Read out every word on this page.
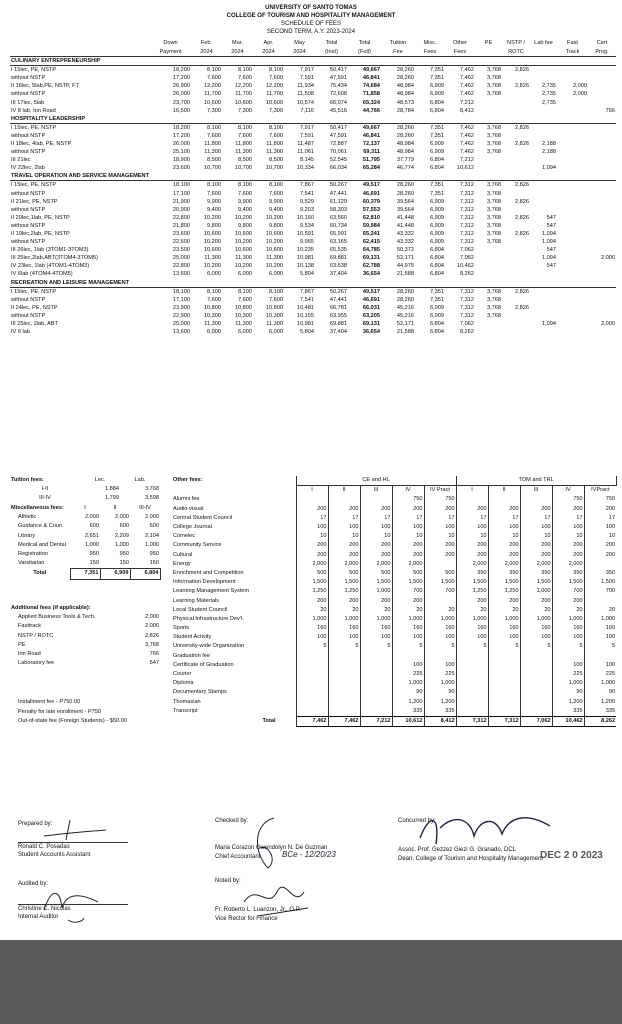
UNIVERSITY OF SANTO TOMAS
COLLEGE OF TOURISM AND HOSPITALITY MANAGEMENT
SCHEDULE OF FEES
SECOND TERM, A.Y. 2023-2024
	Down	Feb.	Mar.	Apr.	May	Total	Total	Tuition	Misc.	Other	PE	NSTP /	Lab fee	Fast	Cert
	Payment	2024	2024	2024	2024	(Inst)	(Full)	Fee	Fees	Fees		ROTC		Track	Prog.
CULINARY ENTREPRENEURSHIP															
I 15lec, PE, NSTP	18,200	8,100	8,100	8,100	7,917	50,417	49,667	28,260	7,351	7,462	3,768	2,826			
without NSTP	17,200	7,600	7,600	7,600	7,591	47,591	46,841	28,260	7,351	7,462	3,768				
II 16lec, 5lab,PE, NSTP, FT	26,900	12,200	12,200	12,200	11,934	75,434	74,684	48,984	6,909	7,462	3,768	2,826	2,735	2,000	
without NSTP	26,000	11,700	11,700	11,700	11,508	72,608	71,858	48,984	6,909	7,462	3,768		2,735	2,000	
III 17lec, 5lab	23,700	10,600	10,600	10,600	10,574	66,074	65,324	48,573	6,804	7,212			2,735		
IV 8 lab, Inn Road	16,500	7,300	7,300	7,300	7,116	45,516	44,766	28,784	6,804	8,412					766
HOSPITALITY LEADERSHIP															
I 15lec, PE, NSTP	18,200	8,100	8,100	8,100	7,917	50,417	49,667	28,260	7,351	7,462	3,768	2,826			
without NSTP	17,200	7,600	7,600	7,600	7,591	47,591	46,841	28,260	7,351	7,462	3,768				
II 18lec, 4lab, PE, NSTP	26,000	11,800	11,800	11,800	11,487	72,887	72,137	48,984	6,909	7,462	3,768	2,826	2,188		
without NSTP	25,100	11,300	11,300	11,300	11,061	70,061	69,311	48,984	6,909	7,462	3,768		2,188		
III 21lec	18,900	8,500	8,500	8,500	8,145	52,545	51,795	37,779	6,804	7,212					
IV 22lec, 2lab	23,600	10,700	10,700	10,700	10,334	66,034	65,284	46,774	6,804	10,612			1,094		
TRAVEL OPERATION AND SERVICE MANAGEMENT															
I 15lec, PE, NSTP	18,100	8,100	8,100	8,100	7,867	50,267	49,517	28,260	7,351	7,312	3,768	2,826			
without NSTP	17,100	7,600	7,600	7,600	7,541	47,441	46,691	28,260	7,351	7,312	3,768				
II 21lec, PE, NSTP	21,900	9,900	9,900	9,900	9,529	61,129	60,379	39,564	6,909	7,312	3,768	2,826			
without NSTP	20,900	9,400	9,400	9,400	9,203	58,303	57,553	39,564	6,909	7,312	3,768				
II 20lec,1lab, PE, NSTP	22,800	10,200	10,200	10,200	10,160	63,560	62,810	41,448	6,909	7,312	3,768	2,826	547		
without NSTP	21,800	9,800	9,800	9,800	9,534	60,734	59,984	41,448	6,909	7,312	3,768		547		
II 19lec,2lab, PE, NSTP	23,600	10,600	10,600	10,600	10,591	65,991	65,241	43,332	6,909	7,312	3,768	2,826	1,094		
without NSTP	22,600	10,200	10,200	10,200	9,965	63,165	62,415	43,332	6,909	7,312	3,768		1,094		
III 26lec, 1lab (3TOM1-3TOM3)	23,500	10,600	10,600	10,600	10,235	65,535	64,785	50,372	6,804	7,062			547		
III 25lec,2lab,ABT(3TOM4-3TOM5)	25,000	11,300	11,300	11,300	10,981	69,881	69,131	52,171	6,804	7,062			1,094		2,000
IV 23lec, 1lab (4TOM1-4TOM3)	22,800	10,200	10,200	10,200	10,138	63,538	62,788	44,975	6,804	10,462			547		
IV 6lab (4TOM4-4TOM5)	13,600	6,000	6,000	6,000	5,804	37,404	36,654	21,588	6,804	8,262					
RECREATION AND LEISURE MANAGEMENT															
I 15lec, PE, NSTP	18,100	8,100	8,100	8,100	7,867	50,267	49,517	28,260	7,351	7,312	3,768	2,826			
without NSTP	17,100	7,600	7,600	7,600	7,541	47,441	46,691	28,260	7,351	7,312	3,768				
II 24lec, PE, NSTP	23,900	10,800	10,800	10,800	10,481	66,781	66,031	45,216	6,909	7,312	3,768	2,826			
without NSTP	22,900	10,300	10,300	10,300	10,155	63,955	63,205	45,216	6,909	7,312	3,768				
III 25lec, 2lab, ABT	25,000	11,300	11,300	11,300	10,981	69,881	69,131	52,171	6,804	7,062			1,094		2,000
IV 6 lab	13,600	6,000	6,000	6,000	5,804	37,404	36,654	21,588	6,804	8,262					
Tuition fees:	Lec.	Lab.
I-II	1,884	3,768
III-IV	1,799	3,598
Miscellaneous fees:	I	II	III-IV
Athletic	2,000	2,000	2,000
Guidance & Coun.	600	600	600
Library	2,651	2,209	2,104
Medical and Dental	1,000	1,000	1,000
Registration	950	950	950
Varsitarian	150	150	150
Total	7,351	6,909	6,804
Additional fees (if applicable):	
Applied Business Tools & Tech.	2,000
Fasttrack	2,000
NSTP / ROTC	2,826
PE	3,768
Inn Road	766
Laboratory fee	547

Installment fee - P750.00	
Penalty for late enrollment - P750	
Out-of-state fee (Foreign Students) - $50.00	
Other fees:	CE and HL					TOM and TRL				
	I	II	III	IV	IV Pract	I	II	III	IV	IVPract
Alumni fee				750	750				750	750
Audio-visual	200	200	200	200	200	200	200	200	200	200
Central Student Council	17	17	17	17	17	17	17	17	17	17
College Journal	100	100	100	100	100	100	100	100	100	100
Comelec	10	10	10	10	10	10	10	10	10	10
Community Service	200	200	200	200	200	200	200	200	200	200
Cultural	200	200	200	200	200	200	200	200	200	200
Energy	2,000	2,000	2,000	2,000		2,000	2,000	2,000	2,000	
Enrichment and Competition	500	500	500	500	500	350	350	350	350	350
Information Development	1,500	1,500	1,500	1,500	1,500	1,500	1,500	1,500	1,500	1,500
Learning Management System	1,250	1,250	1,000	700	700	1,250	1,250	1,000	700	700
Learning Materials	200	200	200	200		200	200	200	200	
Local Student Council	20	20	20	20	20	20	20	20	20	20
Physical Infrastructure Dev't.	1,000	1,000	1,000	1,000	1,000	1,000	1,000	1,000	1,000	1,000
Sports	160	160	160	160	160	160	160	160	160	160
Student Activity	100	100	100	100	100	100	100	100	100	100
University-wide Organization	5	5	5	5	5	5	5	5	5	5
Graduation fee										
Certificate of Graduation				100	100				100	100
Courier				225	225				225	225
Diploma				1,000	1,000				1,000	1,000
Documentary Stamps				90	90				90	90
Thomasian				1,200	1,200				1,200	1,200
Transcript				335	335				335	335
Total	7,462	7,462	7,212	10,612	8,412	7,312	7,312	7,062	10,462	8,262
Prepared by:
Ronald C. Posadas
Student Accounts Assistant
Audited by:
Christine C. Nicolas
Internal Auditor
Checked by:
Maria Corazon Gwendolyn N. De Guzman
Chief Accountant	BCe - 12/20/23
Noted by:
Fr. Roberto L. Luanzon, Jr., O.P.
Vice Rector for Finance
Concurred by:
Assoc. Prof. Gezzez Giezi G. Granado, DCL
Dean, College of Tourism and Hospitality Management
DEC 2 0 2023
